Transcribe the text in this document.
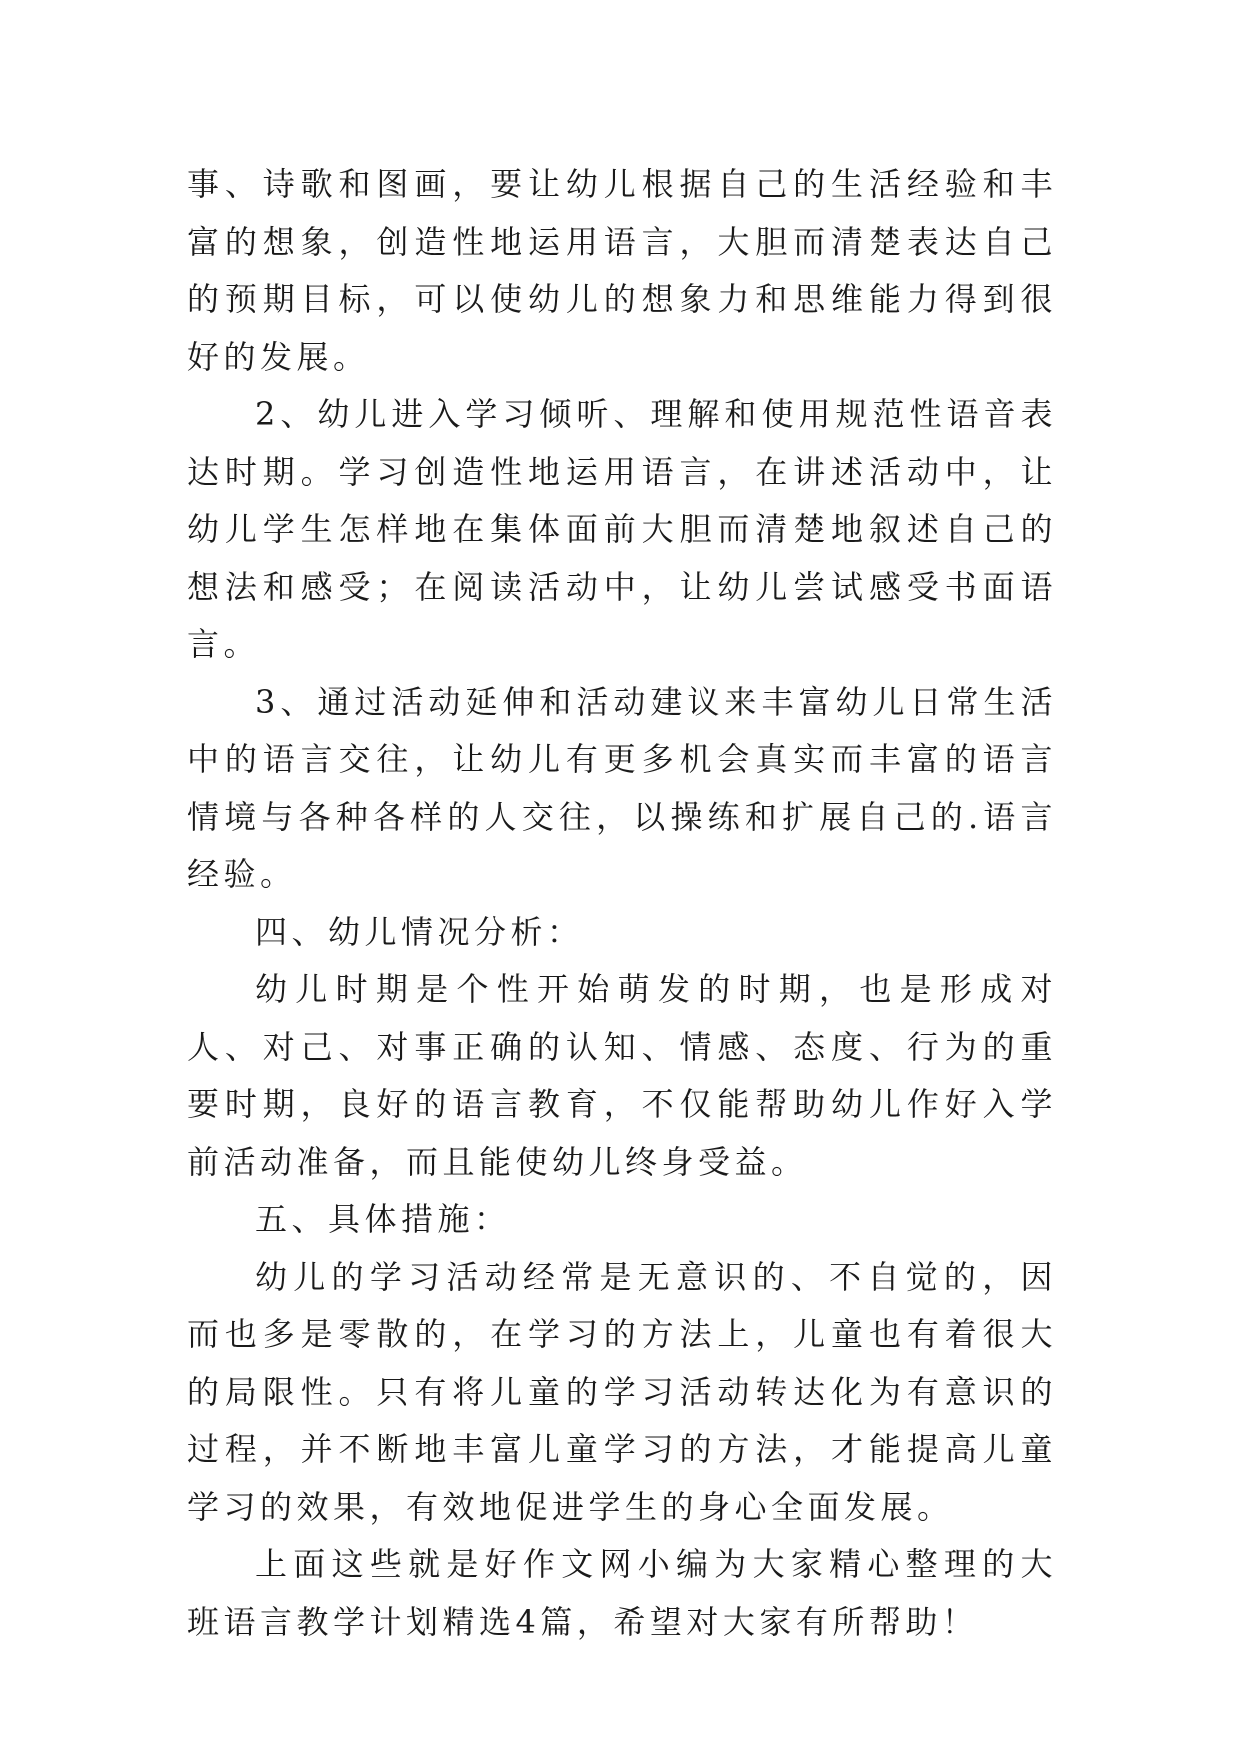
事、诗歌和图画，要让幼儿根据自己的生活经验和丰富的想象，创造性地运用语言，大胆而清楚表达自己的预期目标，可以使幼儿的想象力和思维能力得到很好的发展。

2、幼儿进入学习倾听、理解和使用规范性语音表达时期。学习创造性地运用语言，在讲述活动中，让幼儿学生怎样地在集体面前大胆而清楚地叙述自己的想法和感受；在阅读活动中，让幼儿尝试感受书面语言。

3、通过活动延伸和活动建议来丰富幼儿日常生活中的语言交往，让幼儿有更多机会真实而丰富的语言情境与各种各样的人交往，以操练和扩展自己的.语言经验。

四、幼儿情况分析：

幼儿时期是个性开始萌发的时期，也是形成对人、对己、对事正确的认知、情感、态度、行为的重要时期，良好的语言教育，不仅能帮助幼儿作好入学前活动准备，而且能使幼儿终身受益。

五、具体措施：

幼儿的学习活动经常是无意识的、不自觉的，因而也多是零散的，在学习的方法上，儿童也有着很大的局限性。只有将儿童的学习活动转达化为有意识的过程，并不断地丰富儿童学习的方法，才能提高儿童学习的效果，有效地促进学生的身心全面发展。

上面这些就是好作文网小编为大家精心整理的大班语言教学计划精选4篇，希望对大家有所帮助！
